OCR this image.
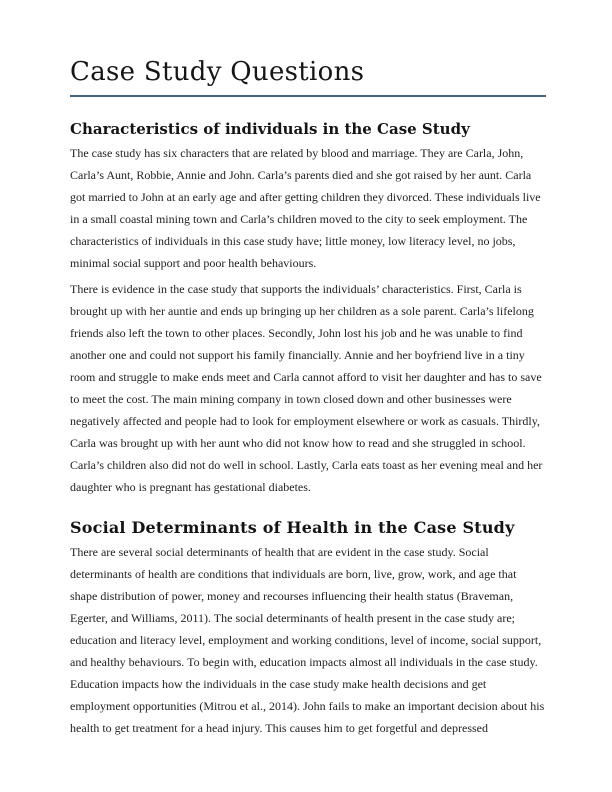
Case Study Questions
Characteristics of individuals in the Case Study

The case study has six characters that are related by blood and marriage. They are Carla, John, Carla’s Aunt, Robbie, Annie and John. Carla’s parents died and she got raised by her aunt. Carla got married to John at an early age and after getting children they divorced. These individuals live in a small coastal mining town and Carla’s children moved to the city to seek employment. The characteristics of individuals in this case study have; little money, low literacy level, no jobs, minimal social support and poor health behaviours.

There is evidence in the case study that supports the individuals’ characteristics. First, Carla is brought up with her auntie and ends up bringing up her children as a sole parent. Carla’s lifelong friends also left the town to other places. Secondly, John lost his job and he was unable to find another one and could not support his family financially. Annie and her boyfriend live in a tiny room and struggle to make ends meet and Carla cannot afford to visit her daughter and has to save to meet the cost. The main mining company in town closed down and other businesses were negatively affected and people had to look for employment elsewhere or work as casuals. Thirdly, Carla was brought up with her aunt who did not know how to read and she struggled in school. Carla’s children also did not do well in school. Lastly, Carla eats toast as her evening meal and her daughter who is pregnant has gestational diabetes.

Social Determinants of Health in the Case Study

There are several social determinants of health that are evident in the case study. Social determinants of health are conditions that individuals are born, live, grow, work, and age that shape distribution of power, money and recourses influencing their health status (Braveman, Egerter, and Williams, 2011). The social determinants of health present in the case study are; education and literacy level, employment and working conditions, level of income, social support, and healthy behaviours. To begin with, education impacts almost all individuals in the case study. Education impacts how the individuals in the case study make health decisions and get employment opportunities (Mitrou et al., 2014). John fails to make an important decision about his health to get treatment for a head injury. This causes him to get forgetful and depressed
